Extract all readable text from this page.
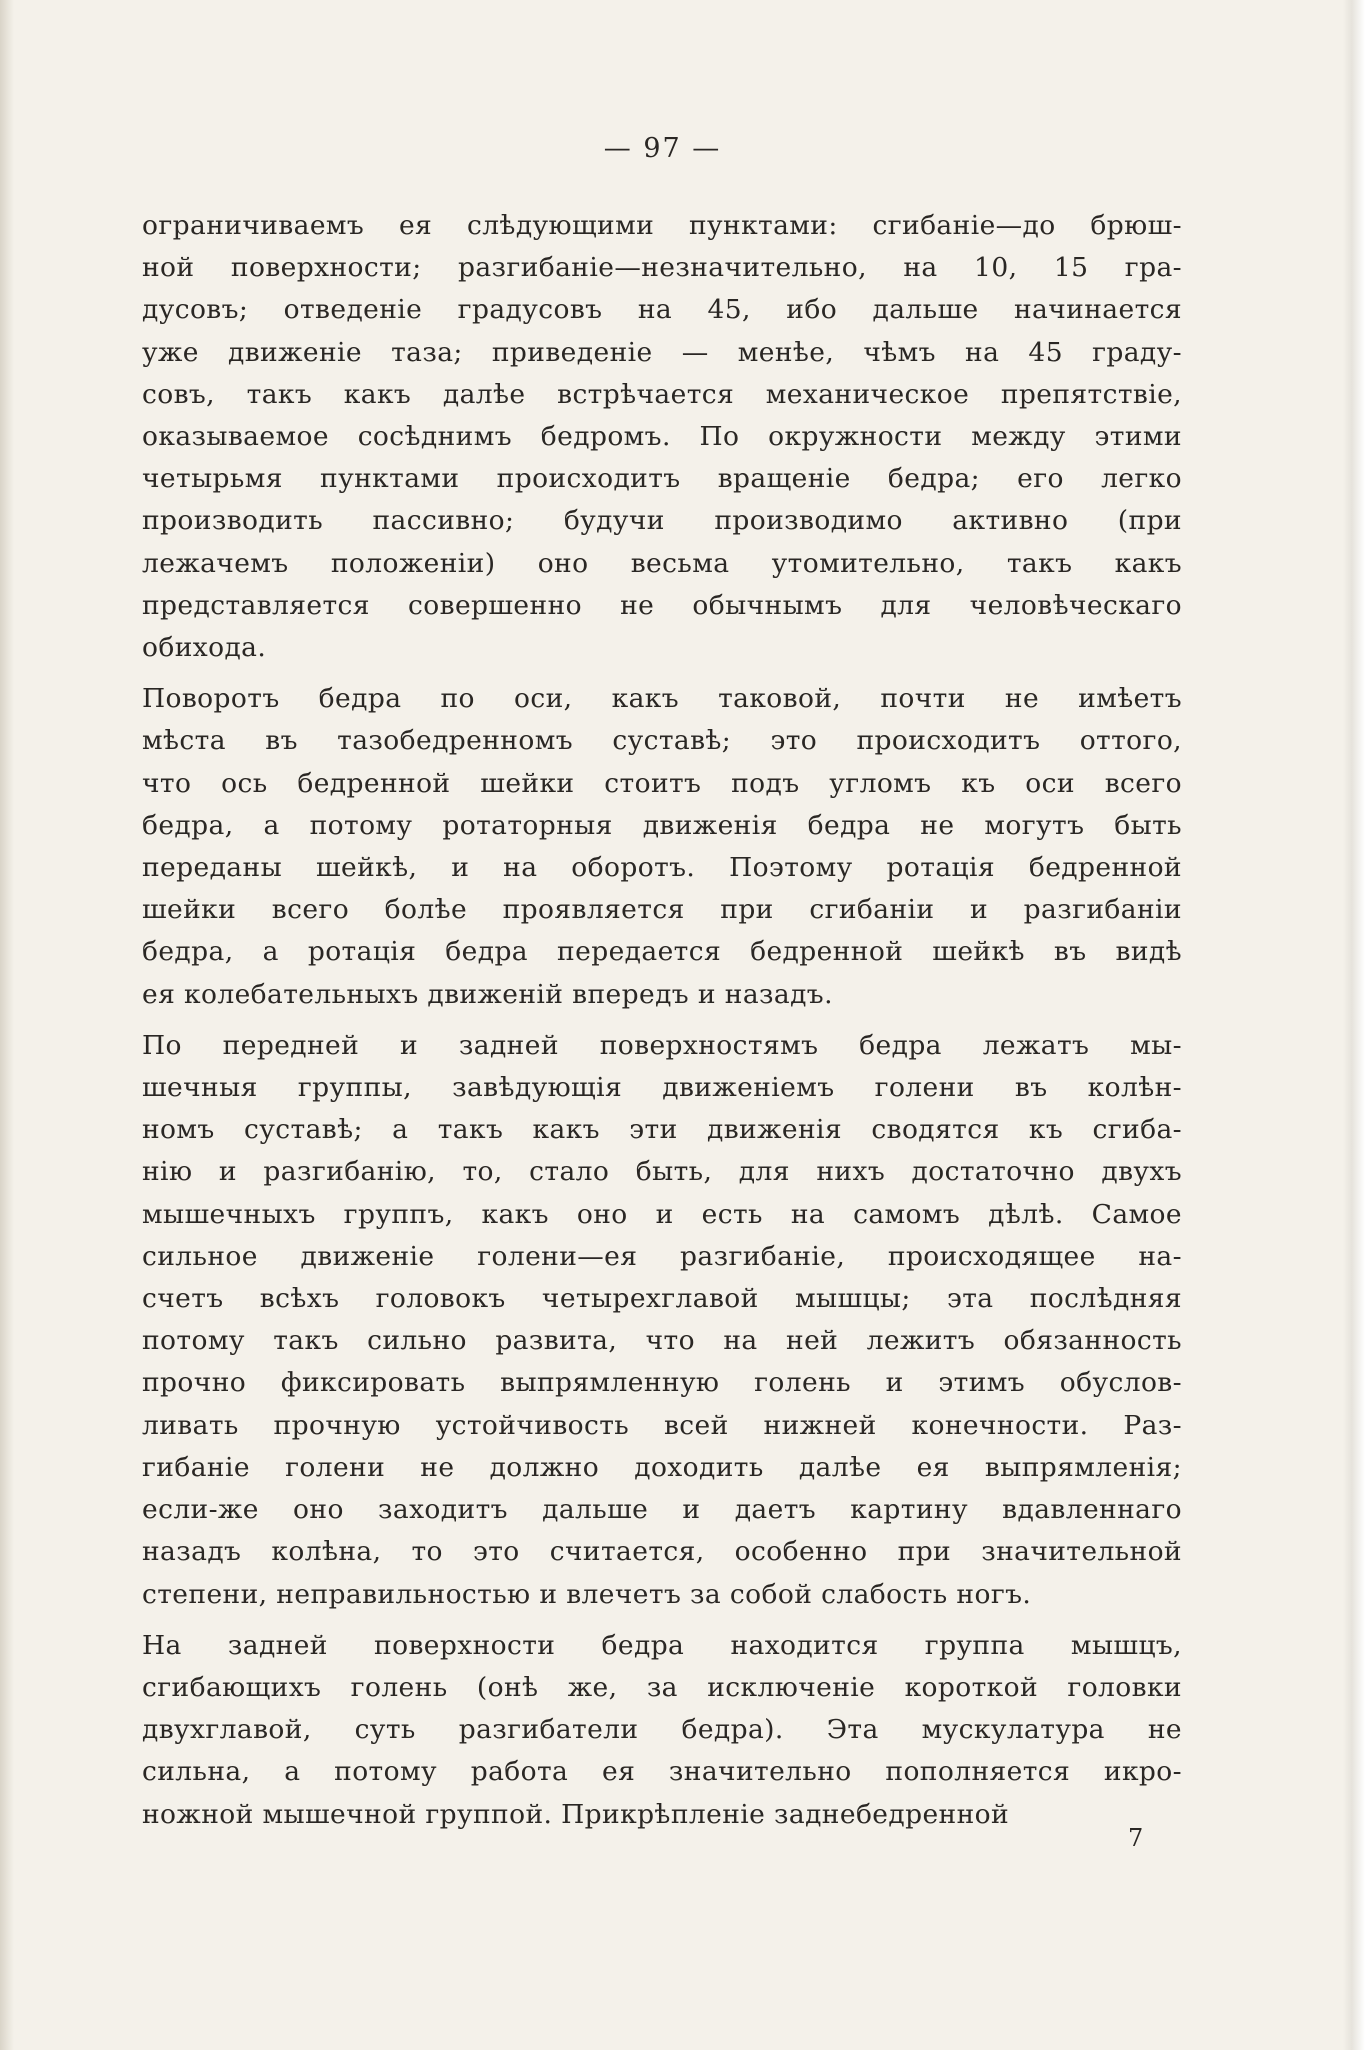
— 97 —
ограничиваемъ ея слѣдующими пунктами: сгибаніе—до брюш-
ной поверхности; разгибаніе—незначительно, на 10, 15 гра-
дусовъ; отведеніе градусовъ на 45, ибо дальше начинается
уже движеніе таза; приведеніе — менѣе, чѣмъ на 45 граду-
совъ, такъ какъ далѣе встрѣчается механическое препятствіе,
оказываемое сосѣднимъ бедромъ. По окружности между этими
четырьмя пунктами происходитъ вращеніе бедра; его легко
производить пассивно; будучи производимо активно (при
лежачемъ положеніи) оно весьма утомительно, такъ какъ
представляется совершенно не обычнымъ для человѣческаго
обихода.
Поворотъ бедра по оси, какъ таковой, почти не имѣетъ
мѣста въ тазобедренномъ суставѣ; это происходитъ оттого,
что ось бедренной шейки стоитъ подъ угломъ къ оси всего
бедра, а потому ротаторныя движенія бедра не могутъ быть
переданы шейкѣ, и на оборотъ. Поэтому ротація бедренной
шейки всего болѣе проявляется при сгибаніи и разгибаніи
бедра, а ротація бедра передается бедренной шейкѣ въ видѣ
ея колебательныхъ движеній впередъ и назадъ.
По передней и задней поверхностямъ бедра лежатъ мы-
шечныя группы, завѣдующія движеніемъ голени въ колѣн-
номъ суставѣ; а такъ какъ эти движенія сводятся къ сгиба-
нію и разгибанію, то, стало быть, для нихъ достаточно двухъ
мышечныхъ группъ, какъ оно и есть на самомъ дѣлѣ. Самое
сильное движеніе голени—ея разгибаніе, происходящее на-
счетъ всѣхъ головокъ четырехглавой мышцы; эта послѣдняя
потому такъ сильно развита, что на ней лежитъ обязанность
прочно фиксировать выпрямленную голень и этимъ обуслов-
ливать прочную устойчивость всей нижней конечности. Раз-
гибаніе голени не должно доходить далѣе ея выпрямленія;
если-же оно заходитъ дальше и даетъ картину вдавленнаго
назадъ колѣна, то это считается, особенно при значительной
степени, неправильностью и влечетъ за собой слабость ногъ.
На задней поверхности бедра находится группа мышцъ,
сгибающихъ голень (онѣ же, за исключеніе короткой головки
двухглавой, суть разгибатели бедра). Эта мускулатура не
сильна, а потому работа ея значительно пополняется икро-
ножной мышечной группой. Прикрѣпленіе заднебедренной
7
